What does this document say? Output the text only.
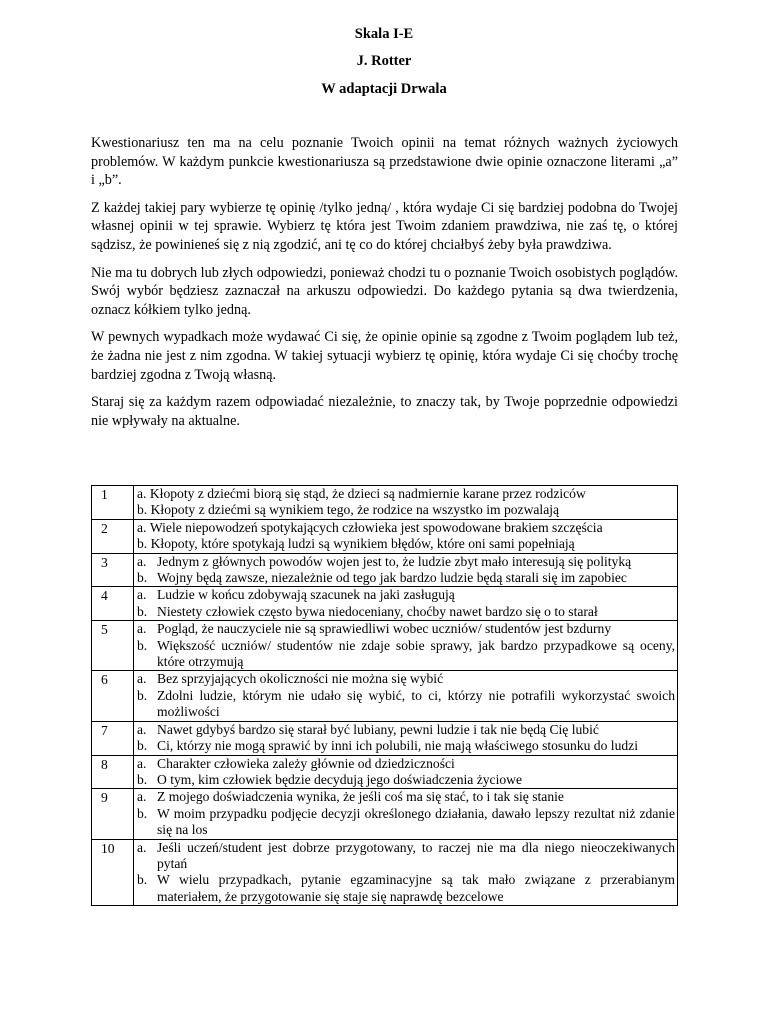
Skala I-E
J. Rotter
W adaptacji Drwala

Kwestionariusz ten ma na celu poznanie Twoich opinii na temat różnych ważnych życiowych problemów. W każdym punkcie kwestionariusza są przedstawione dwie opinie oznaczone literami „a” i „b”.

Z każdej takiej pary wybierze tę opinię /tylko jedną/ , która wydaje Ci się bardziej podobna do Twojej własnej opinii w tej sprawie. Wybierz tę która jest Twoim zdaniem prawdziwa, nie zaś tę, o której sądzisz, że powinieneś się z nią zgodzić, ani tę co do której chciałbyś żeby była prawdziwa.

Nie ma tu dobrych lub złych odpowiedzi, ponieważ chodzi tu o poznanie Twoich osobistych poglądów. Swój wybór będziesz zaznaczał na arkuszu odpowiedzi. Do każdego pytania są dwa twierdzenia, oznacz kółkiem tylko jedną.

W pewnych wypadkach może wydawać Ci się, że opinie opinie są zgodne z Twoim poglądem lub też, że żadna nie jest z nim zgodna. W takiej sytuacji wybierz tę opinię, która wydaje Ci się choćby trochę bardziej zgodna z Twoją własną.

Staraj się za każdym razem odpowiadać niezależnie, to znaczy tak, by Twoje poprzednie odpowiedzi nie wpływały na aktualne.

1	a.
Kłopoty z dziećmi biorą się stąd, że dzieci są nadmiernie karane przez rodziców
b.
Kłopoty z dziećmi są wynikiem tego, że rodzice na wszystko im pozwalają

2	a.
Wiele niepowodzeń spotykających człowieka jest spowodowane brakiem szczęścia
b.
Kłopoty, które spotykają ludzi są wynikiem błędów, które oni sami popełniają

3	a. Jednym z głównych powodów wojen jest to, że ludzie zbyt mało interesują się polityką
b. Wojny będą zawsze, niezależnie od tego jak bardzo ludzie będą starali się im zapobiec

4	a. Ludzie w końcu zdobywają szacunek na jaki zasługują
b. Niestety człowiek często bywa niedoceniany, choćby nawet bardzo się o to starał

5	a. Pogląd, że nauczyciele nie są sprawiedliwi wobec uczniów/ studentów jest bzdurny
b. Większość uczniów/ studentów nie zdaje sobie sprawy, jak bardzo przypadkowe są oceny, które otrzymują

6	a. Bez sprzyjających okoliczności nie można się wybić
b. Zdolni ludzie, którym nie udało się wybić, to ci, którzy nie potrafili wykorzystać swoich możliwości

7	a. Nawet gdybyś bardzo się starał być lubiany, pewni ludzie i tak nie będą Cię lubić
b. Ci, którzy nie mogą sprawić by inni ich polubili, nie mają właściwego stosunku do ludzi

8	a. Charakter człowieka zależy głównie od dziedziczności
b. O tym, kim człowiek będzie decydują jego doświadczenia życiowe

9	a. Z mojego doświadczenia wynika, że jeśli coś ma się stać, to i tak się stanie
b. W moim przypadku podjęcie decyzji określonego działania, dawało lepszy rezultat niż zdanie się na los

10	a. Jeśli uczeń/student jest dobrze przygotowany, to raczej nie ma dla niego nieoczekiwanych pytań
b. W wielu przypadkach, pytanie egzaminacyjne są tak mało związane z przerabianym materiałem, że przygotowanie się staje się naprawdę bezcelowe
